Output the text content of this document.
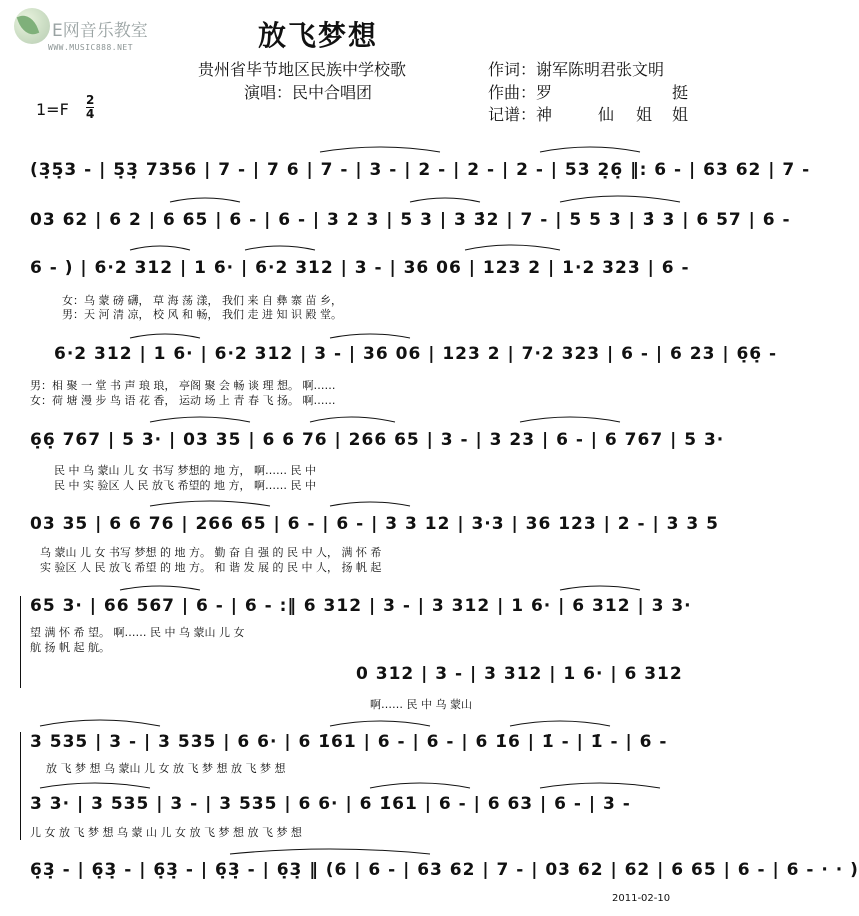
E网音乐教室
WWW.MUSIC888.NET	放飞梦想
贵州省毕节地区民族中学校歌
演唱：民中合唱团
作词：谢军陈明君张文明
作曲：罗	挺
记谱：神	仙 姐 姐
1=F 2
4
(3̣5̣3 - | 5̣3̣ 7356 | 7 - | 7 6 | 7 - | 3 - | 2 - | 2 - | 2 - | 53 2̣6̣ ‖: 6 - | 63 62 | 7 -
03 62 | 6 2 | 6 65 | 6 - | 6 - | 3 2 3 | 5 3 | 3 3̇2 | 7 - | 5 5 3 | 3̇ 3 | 6 57 | 6 -
6 - ) | 6·2 312 | 1 6· | 6·2 312 | 3 - | 36 06 | 123 2 | 1·2 323 | 6 -
女：乌 蒙 磅 礴， 草 海 荡 漾， 我们 来 自 彝 寨 苗 乡，
男：天 河 清 凉， 校 风 和 畅， 我们 走 进 知 识 殿 堂。
6·2 312 | 1 6· | 6·2 312 | 3 - | 36 06 | 123 2 | 7·2 323 | 6 - | 6 23 | 6̣6̣ -
男：相 聚 一 堂 书 声 琅 琅， 亭阁 聚 会 畅 谈 理 想。 啊……
女：荷 塘 漫 步 鸟 语 花 香， 运动 场 上 青 春 飞 扬。 啊……
6̣6̣ 767 | 5 3· | 03 35 | 6 6 76 | 266 65 | 3 - | 3 23 | 6 - | 6 767 | 5 3·
民 中 乌 蒙山 儿 女 书写 梦想的 地 方， 啊…… 民 中
民 中 实 验区 人 民 放飞 希望的 地 方， 啊…… 民 中
03 35 | 6 6 76 | 266 65 | 6 - | 6 - | 3 3 12 | 3·3 | 36 123 | 2 - | 3 3 5
乌 蒙山 儿 女 书写 梦想 的 地 方。 勤 奋 自 强 的 民 中 人， 满 怀 希
实 验区 人 民 放飞 希望 的 地 方。 和 谐 发 展 的 民 中 人， 扬 帆 起
65 3· | 66 567 | 6 - | 6 - :‖ 6 312 | 3 - | 3 312 | 1 6· | 6 312 | 3 3·
望 满 怀 希 望。 啊…… 民 中 乌 蒙山 儿 女
航 扬 帆 起 航。
0 312 | 3 - | 3 312 | 1 6· | 6 312
啊…… 民 中 乌 蒙山
3 535 | 3 - | 3 535 | 6 6· | 6 1̇61 | 6 - | 6 - | 6 1̇6 | 1̇ - | 1̇ - | 6 -
放 飞 梦 想 乌 蒙山 儿 女 放 飞 梦 想 放 飞 梦 想
3 3· | 3 535 | 3 - | 3 535 | 6 6· | 6 1̇61 | 6 - | 6 63 | 6 - | 3 -
儿 女 放 飞 梦 想 乌 蒙 山 儿 女 放 飞 梦 想 放 飞 梦 想
6̣3̣ - | 6̣3̣ - | 6̣3̣ - | 6̣3̣ - | 6̣3̣ ‖ (6 | 6 - | 63 62 | 7 - | 03 62 | 62 | 6 65 | 6 - | 6 - · · )
2011-02-10
